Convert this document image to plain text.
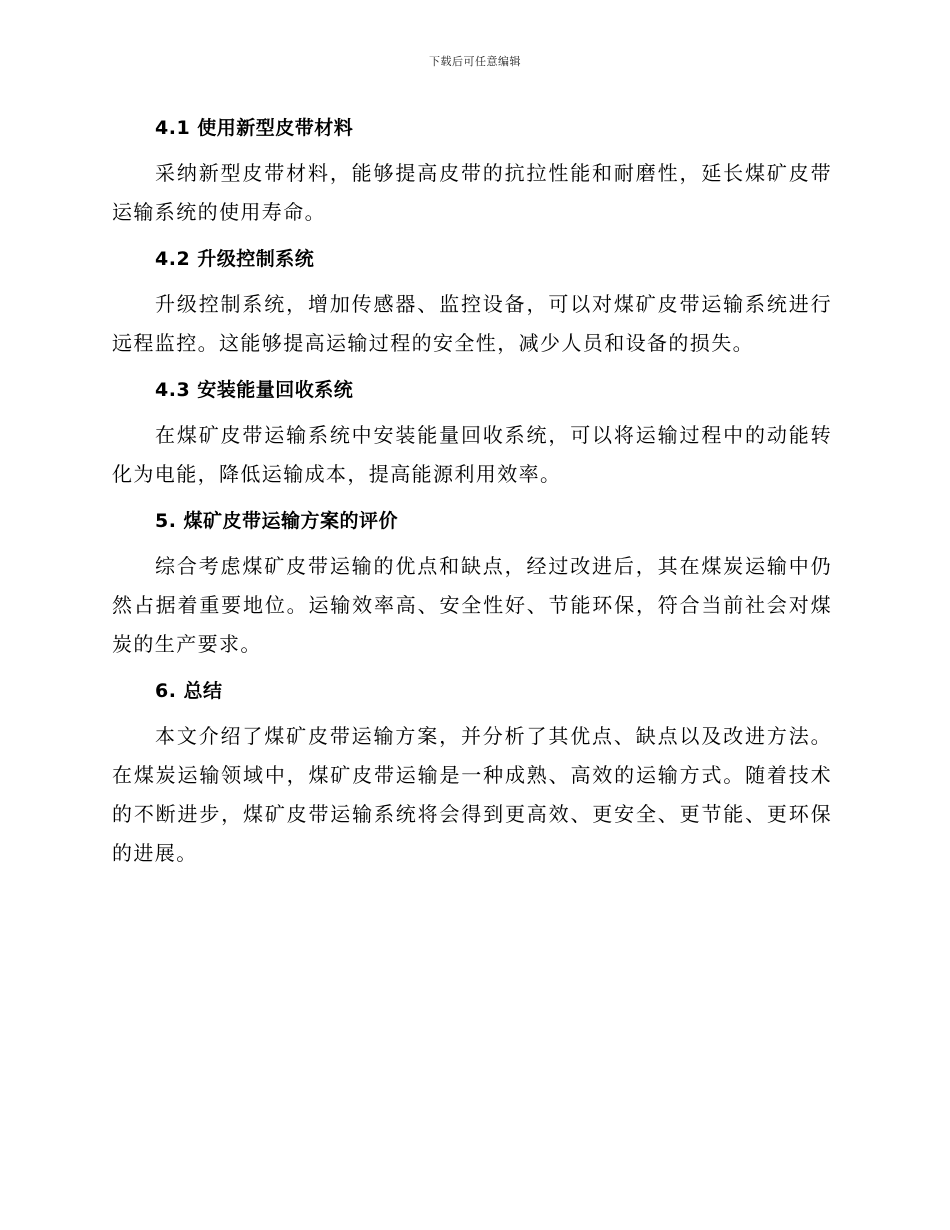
下载后可任意编辑
4.1 使用新型皮带材料

采纳新型皮带材料，能够提高皮带的抗拉性能和耐磨性，延长煤矿皮带运输系统的使用寿命。

4.2 升级控制系统

升级控制系统，增加传感器、监控设备，可以对煤矿皮带运输系统进行远程监控。这能够提高运输过程的安全性，减少人员和设备的损失。

4.3 安装能量回收系统

在煤矿皮带运输系统中安装能量回收系统，可以将运输过程中的动能转化为电能，降低运输成本，提高能源利用效率。

5. 煤矿皮带运输方案的评价

综合考虑煤矿皮带运输的优点和缺点，经过改进后，其在煤炭运输中仍然占据着重要地位。运输效率高、安全性好、节能环保，符合当前社会对煤炭的生产要求。

6. 总结

本文介绍了煤矿皮带运输方案，并分析了其优点、缺点以及改进方法。在煤炭运输领域中，煤矿皮带运输是一种成熟、高效的运输方式。随着技术的不断进步，煤矿皮带运输系统将会得到更高效、更安全、更节能、更环保的进展。
